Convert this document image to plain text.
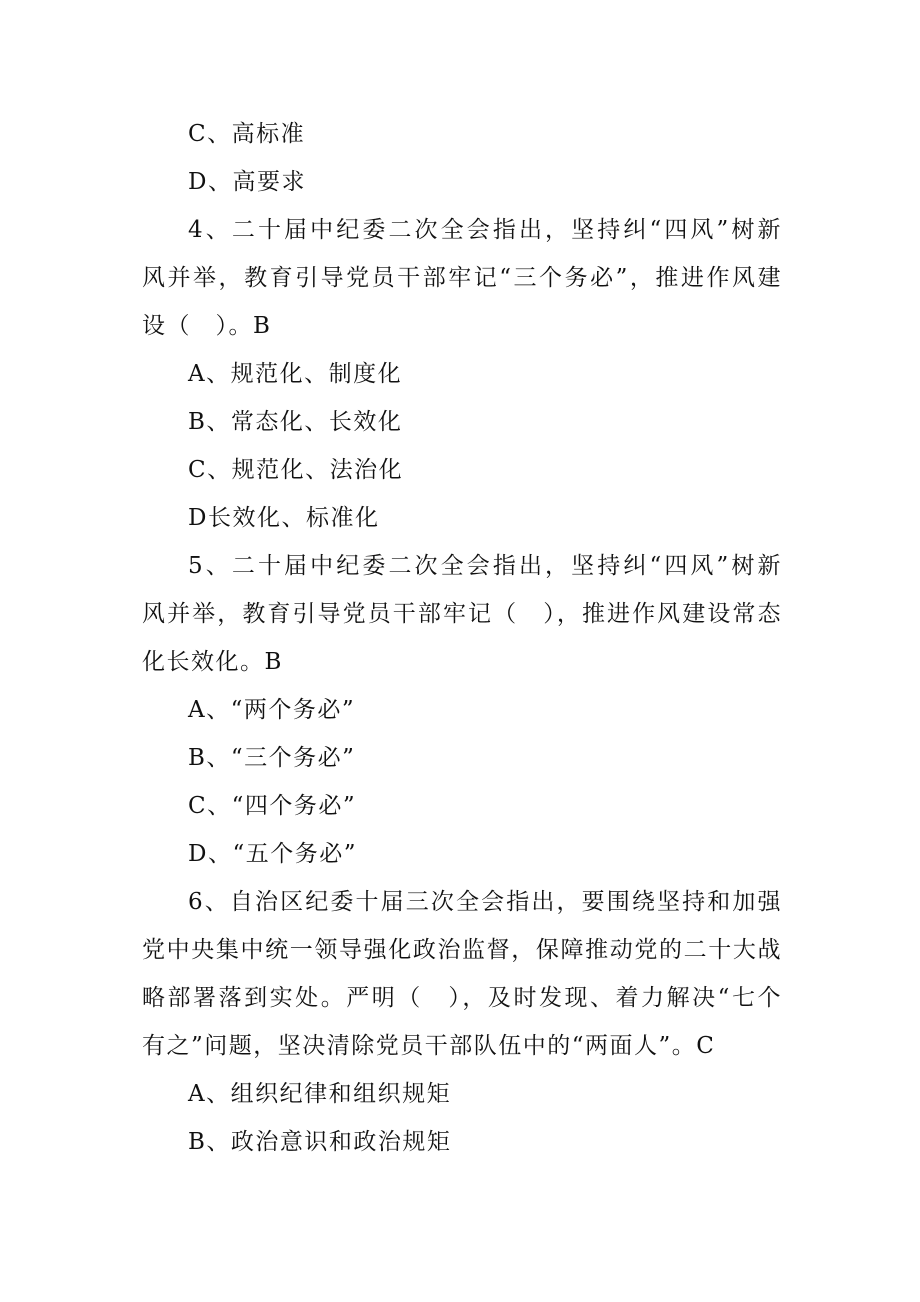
C、高标准
D、高要求
4、二十届中纪委二次全会指出，坚持纠“四风”树新
风并举，教育引导党员干部牢记“三个务必”，推进作风建
设（　）。B
A、规范化、制度化
B、常态化、长效化
C、规范化、法治化
D长效化、标准化
5、二十届中纪委二次全会指出，坚持纠“四风”树新
风并举，教育引导党员干部牢记（　），推进作风建设常态
化长效化。B
A、“两个务必”
B、“三个务必”
C、“四个务必”
D、“五个务必”
6、自治区纪委十届三次全会指出，要围绕坚持和加强
党中央集中统一领导强化政治监督，保障推动党的二十大战
略部署落到实处。严明（　），及时发现、着力解决“七个
有之”问题，坚决清除党员干部队伍中的“两面人”。C
A、组织纪律和组织规矩
B、政治意识和政治规矩
